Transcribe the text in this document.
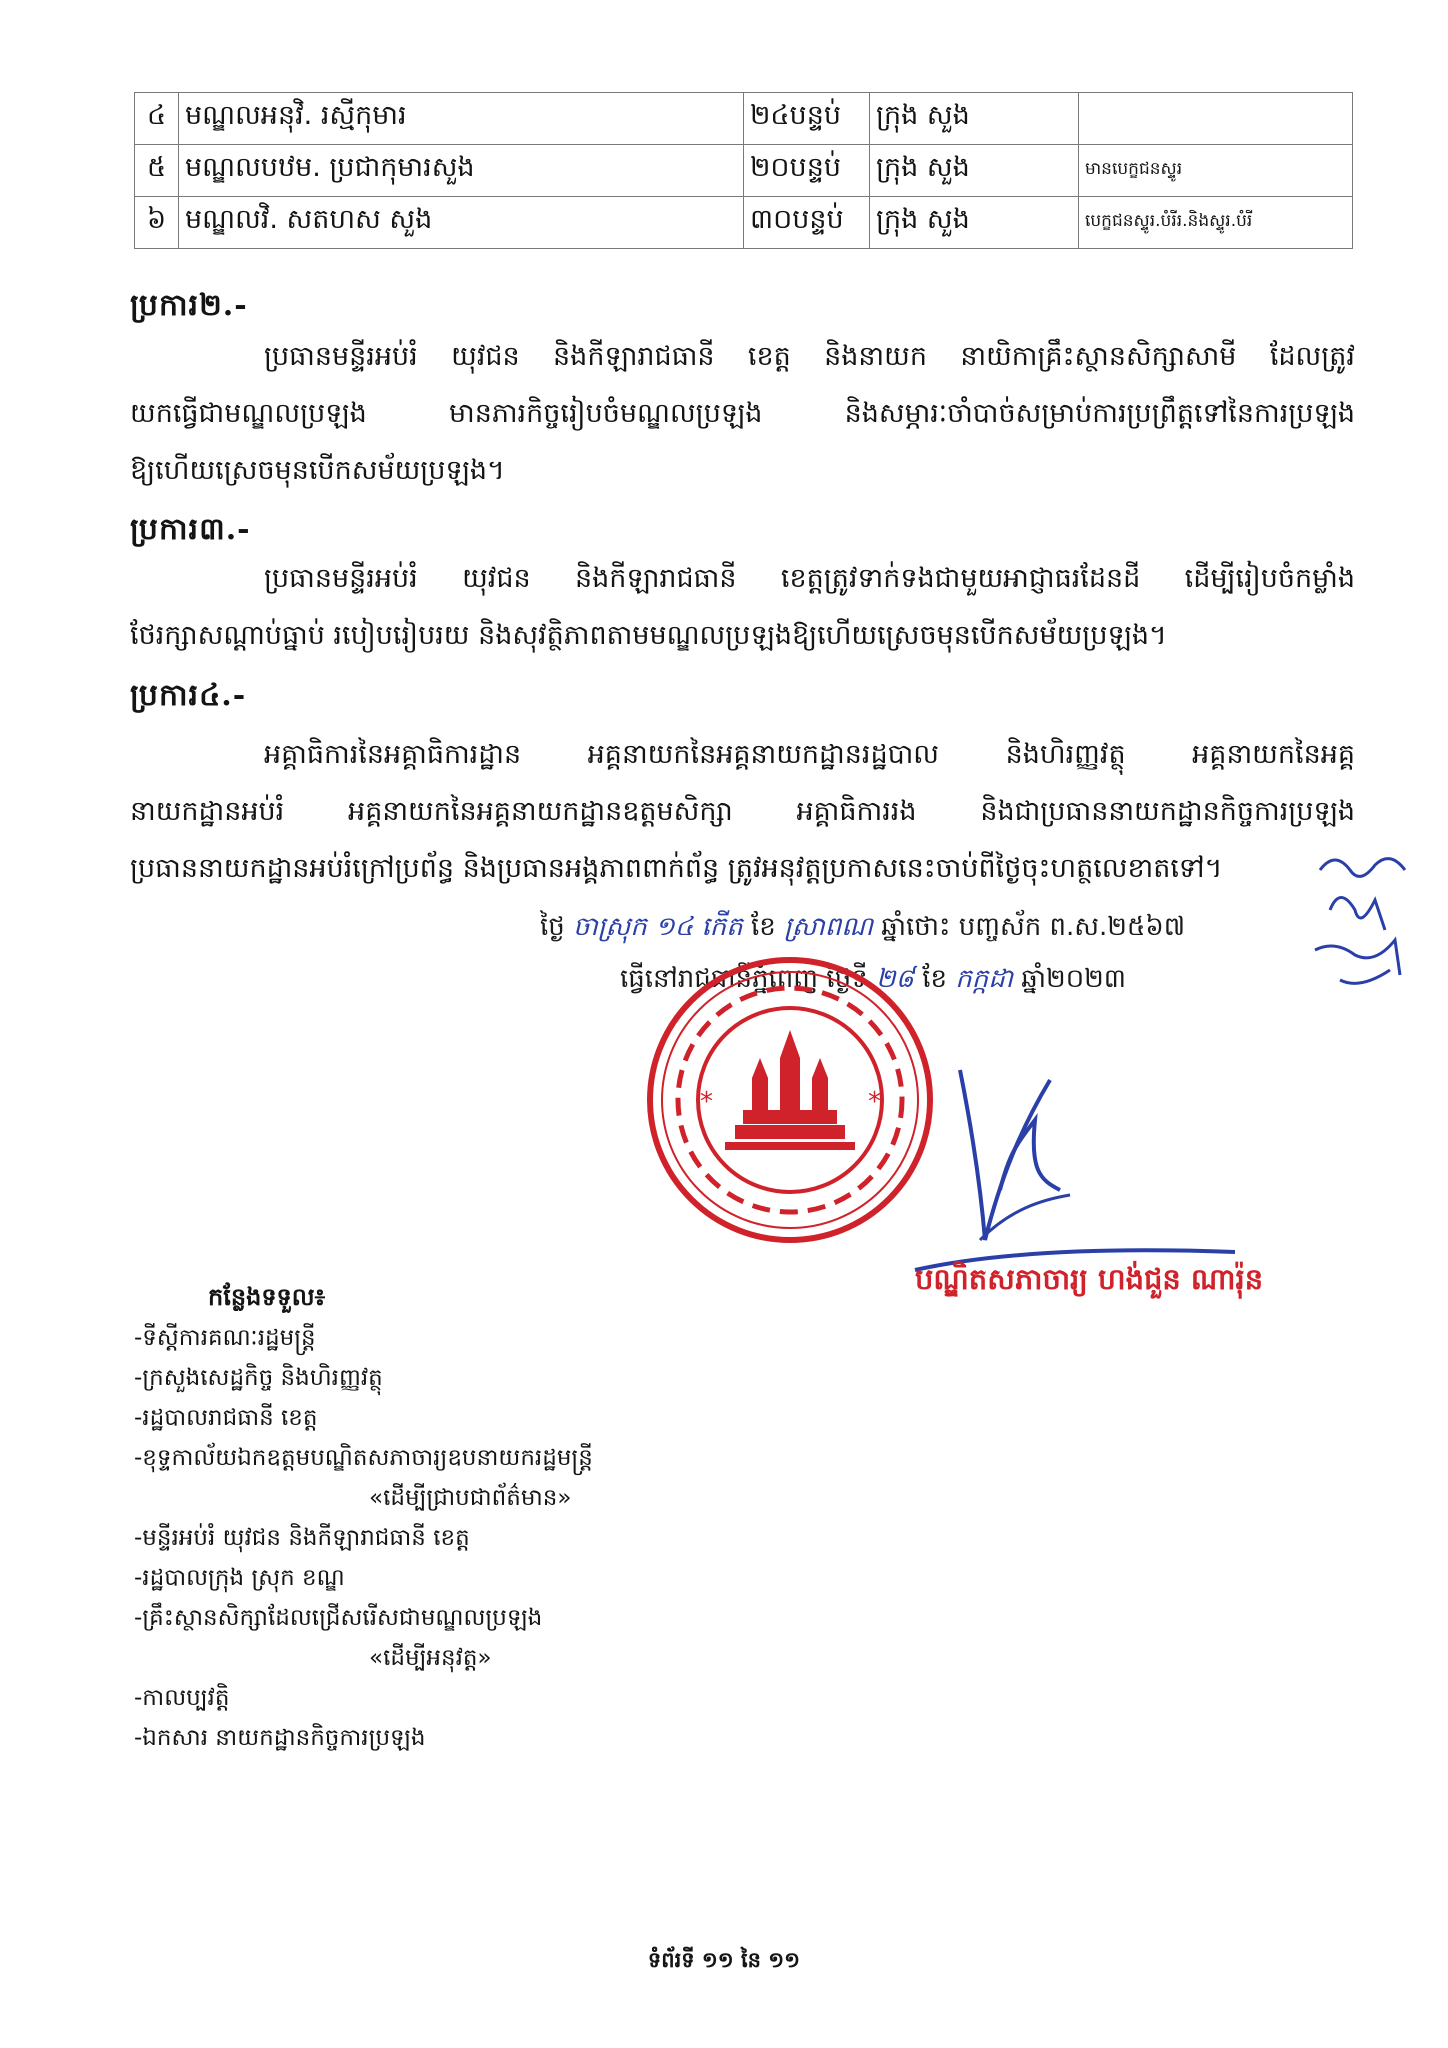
៤	មណ្ឌលអនុវិ. រស្មីកុមារ	២៤បន្ទប់	ក្រុង សួង	
៥	មណ្ឌលបឋម. ប្រជាកុមារសួង	២០បន្ទប់	ក្រុង សួង	មានបេក្ខជនស្ទូរ
៦	មណ្ឌលវិ. សតហស សួង	៣០បន្ទប់	ក្រុង សួង	បេក្ខជនស្ទូរ.បំរីរ.និងស្ទូរ.បំរី
ប្រការ២.-
ប្រធានមន្ទីរអប់រំ យុវជន និងកីឡារាជធានី ខេត្ត និងនាយក នាយិកាគ្រឹះស្ថានសិក្សាសាមី ដែលត្រូវ
យកធ្វើជាមណ្ឌលប្រឡង មានភារកិច្ចរៀបចំមណ្ឌលប្រឡង និងសម្ភារៈចាំបាច់សម្រាប់ការប្រព្រឹត្តទៅនៃការប្រឡង
ឱ្យហើយស្រេចមុនបើកសម័យប្រឡង។
ប្រការ៣.-
ប្រធានមន្ទីរអប់រំ យុវជន និងកីឡារាជធានី ខេត្តត្រូវទាក់ទងជាមួយអាជ្ញាធរដែនដី ដើម្បីរៀបចំកម្លាំង
ថែរក្សាសណ្តាប់ធ្នាប់ របៀបរៀបរយ និងសុវត្ថិភាពតាមមណ្ឌលប្រឡងឱ្យហើយស្រេចមុនបើកសម័យប្រឡង។
ប្រការ៤.-
អគ្គាធិការនៃអគ្គាធិការដ្ឋាន អគ្គនាយកនៃអគ្គនាយកដ្ឋានរដ្ឋបាល និងហិរញ្ញវត្ថុ អគ្គនាយកនៃអគ្គ
នាយកដ្ឋានអប់រំ អគ្គនាយកនៃអគ្គនាយកដ្ឋានឧត្តមសិក្សា អគ្គាធិការរង និងជាប្រធាននាយកដ្ឋានកិច្ចការប្រឡង
ប្រធាននាយកដ្ឋានអប់រំក្រៅប្រព័ន្ធ និងប្រធានអង្គភាពពាក់ព័ន្ធ ត្រូវអនុវត្តប្រកាសនេះចាប់ពីថ្ងៃចុះហត្ថលេខាតទៅ។
ថ្ងៃ ចាស្រុក ១៤ កើត ខែ ស្រាពណ ឆ្នាំថោះ បញ្ចស័ក ព.ស.២៥៦៧
ធ្វើនៅរាជធានីភ្នំពេញ ថ្ងៃទី ២៨ ខែ កក្កដា ឆ្នាំ២០២៣
*	*
បណ្ឌិតសភាចារ្យ ហង់ជួន ណារ៉ុន
កន្លែងទទួល៖
-ទីស្តីការគណៈរដ្ឋមន្ត្រី
-ក្រសួងសេដ្ឋកិច្ច និងហិរញ្ញវត្ថុ
-រដ្ឋបាលរាជធានី ខេត្ត
-ខុទ្ទកាល័យឯកឧត្តមបណ្ឌិតសភាចារ្យឧបនាយករដ្ឋមន្ត្រី
«ដើម្បីជ្រាបជាព័ត៌មាន»
-មន្ទីរអប់រំ យុវជន និងកីឡារាជធានី ខេត្ត
-រដ្ឋបាលក្រុង ស្រុក ខណ្ឌ
-គ្រឹះស្ថានសិក្សាដែលជ្រើសរើសជាមណ្ឌលប្រឡង
«ដើម្បីអនុវត្ត»
-កាលប្បវត្តិ
-ឯកសារ នាយកដ្ឋានកិច្ចការប្រឡង
ទំព័រទី ១១ នៃ ១១
